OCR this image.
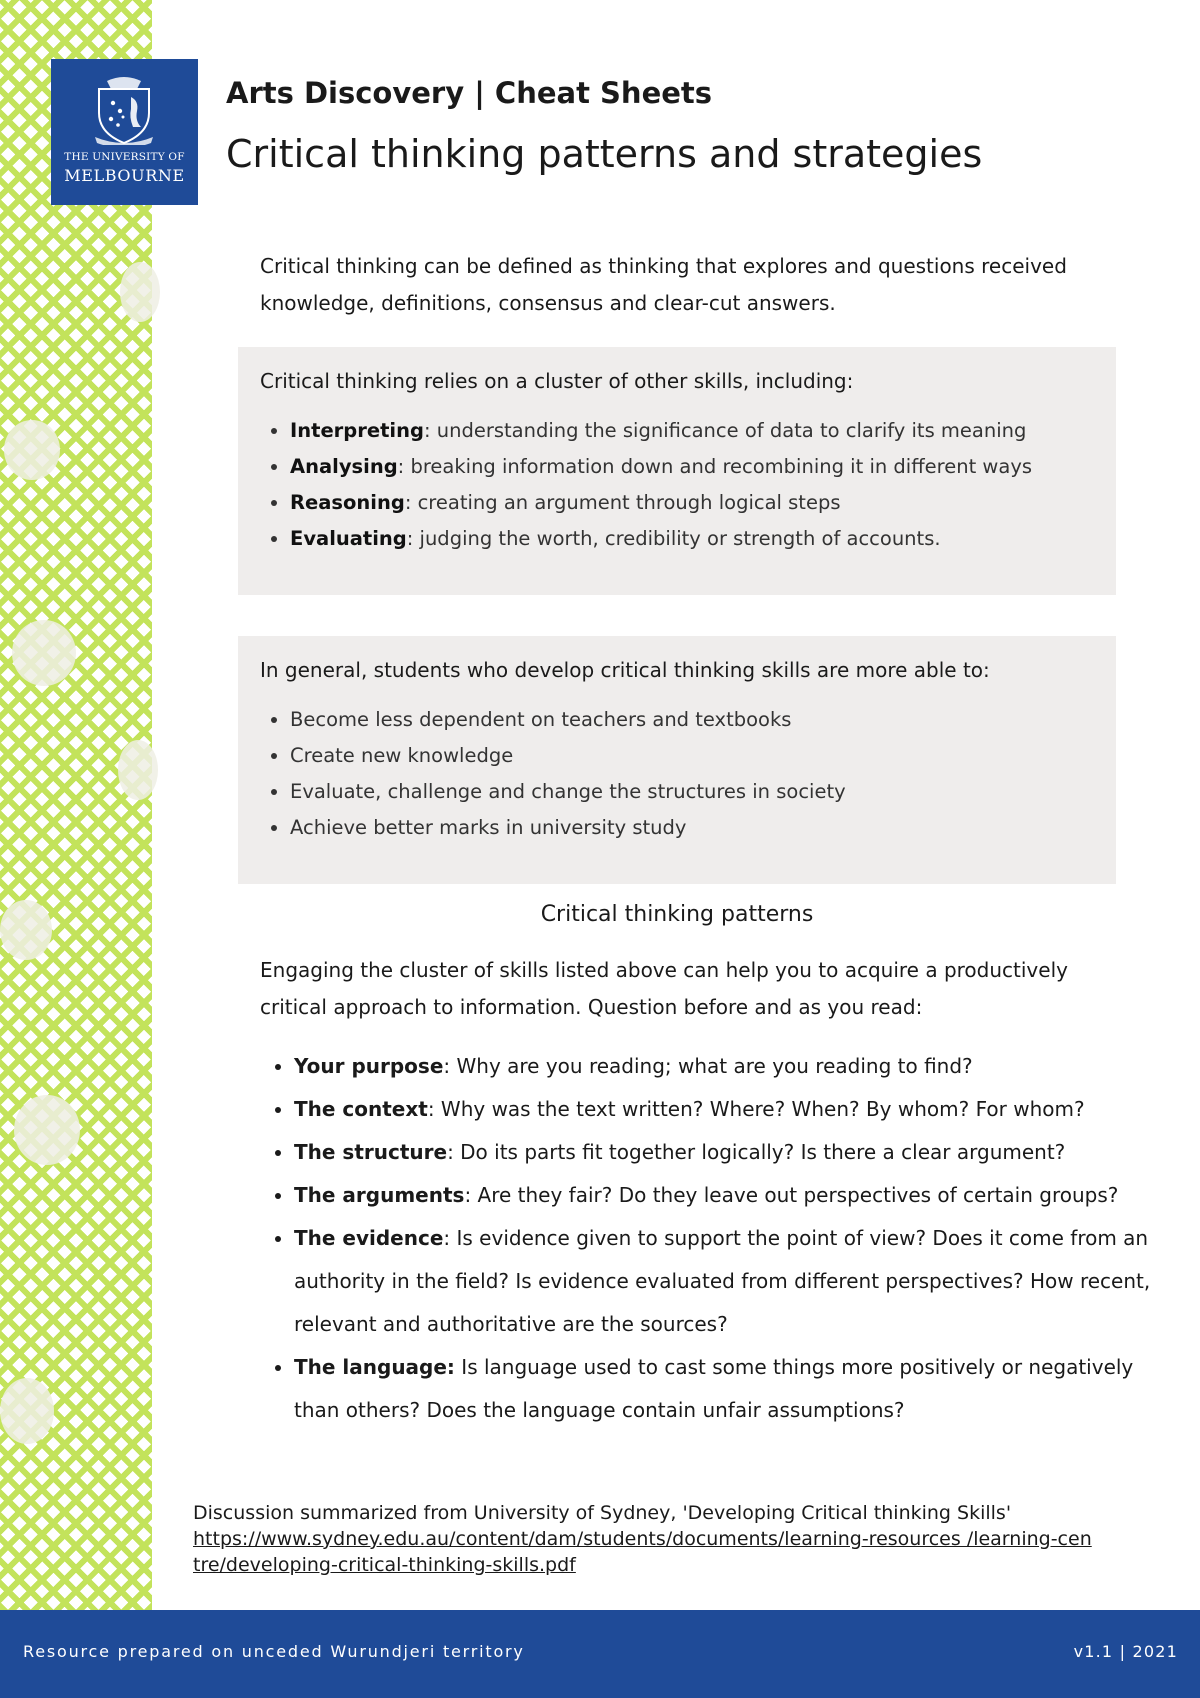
THE UNIVERSITY OF
MELBOURNE
Arts Discovery | Cheat Sheets
Critical thinking patterns and strategies

Critical thinking can be defined as thinking that explores and questions received knowledge, definitions, consensus and clear-cut answers.

Critical thinking relies on a cluster of other skills, including:
• Interpreting: understanding the significance of data to clarify its meaning
• Analysing: breaking information down and recombining it in different ways
• Reasoning: creating an argument through logical steps
• Evaluating: judging the worth, credibility or strength of accounts.
In general, students who develop critical thinking skills are more able to:
• Become less dependent on teachers and textbooks
• Create new knowledge
• Evaluate, challenge and change the structures in society
• Achieve better marks in university study
Critical thinking patterns

Engaging the cluster of skills listed above can help you to acquire a productively critical approach to information. Question before and as you read:

• Your purpose: Why are you reading; what are you reading to find?
• The context: Why was the text written? Where? When? By whom? For whom?
• The structure: Do its parts fit together logically? Is there a clear argument?
• The arguments: Are they fair? Do they leave out perspectives of certain groups?
• The evidence: Is evidence given to support the point of view? Does it come from an authority in the field? Is evidence evaluated from different perspectives? How recent, relevant and authoritative are the sources?
• The language: Is language used to cast some things more positively or negatively than others? Does the language contain unfair assumptions?
Discussion summarized from University of Sydney, 'Developing Critical thinking Skills'
https://www.sydney.edu.au/content/dam/students/documents/learning-resources /learning-centre/developing-critical-thinking-skills.pdf
Resource prepared on unceded Wurundjeri territory	v1.1 | 2021
